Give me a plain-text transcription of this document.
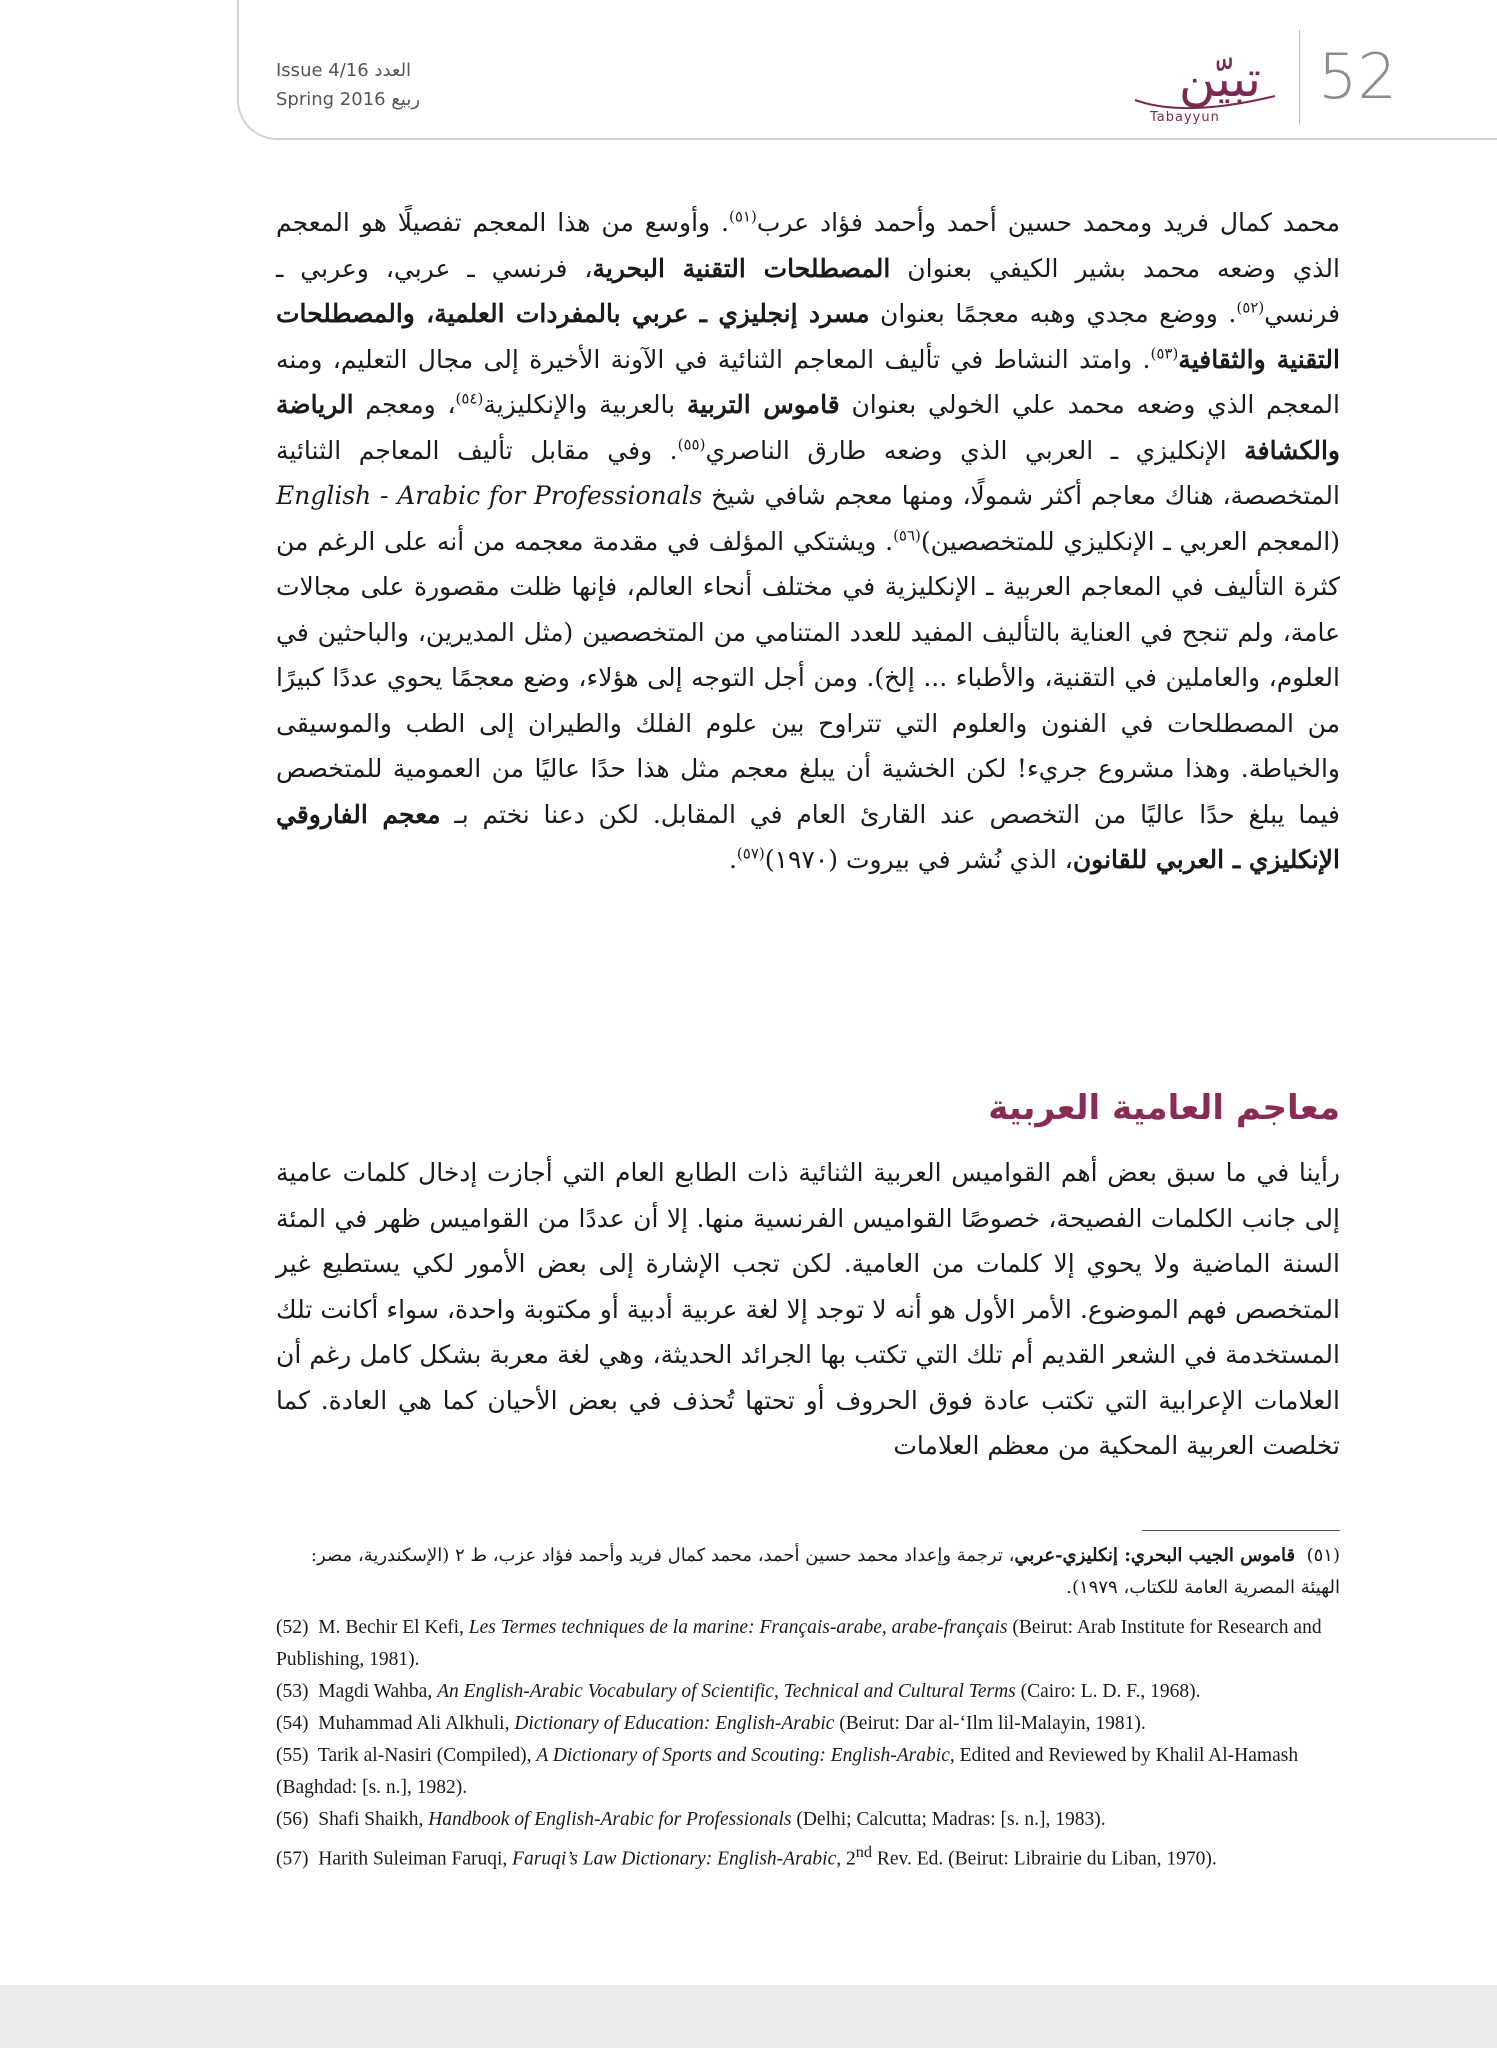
Issue 4/16 العدد
Spring 2016 ربيع	تبيّن
Tabayyun
52

محمد كمال فريد ومحمد حسين أحمد وأحمد فؤاد عرب$^{(٥١)}$. وأوسع من هذا المعجم تفصيلًا هو المعجم الذي وضعه محمد بشير الكيفي بعنوان المصطلحات التقنية البحرية، فرنسي ـ عربي، وعربي ـ فرنسي$^{(٥٢)}$. ووضع مجدي وهبه معجمًا بعنوان مسرد إنجليزي ـ عربي بالمفردات العلمية، والمصطلحات التقنية والثقافية$^{(٥٣)}$. وامتد النشاط في تأليف المعاجم الثنائية في الآونة الأخيرة إلى مجال التعليم، ومنه المعجم الذي وضعه محمد علي الخولي بعنوان قاموس التربية بالعربية والإنكليزية$^{(٥٤)}$، ومعجم الرياضة والكشافة الإنكليزي ـ العربي الذي وضعه طارق الناصري$^{(٥٥)}$. وفي مقابل تأليف المعاجم الثنائية المتخصصة، هناك معاجم أكثر شمولًا، ومنها معجم شافي شيخ English - Arabic for Professionals (المعجم العربي ـ الإنكليزي للمتخصصين)$^{(٥٦)}$. ويشتكي المؤلف في مقدمة معجمه من أنه على الرغم من كثرة التأليف في المعاجم العربية ـ الإنكليزية في مختلف أنحاء العالم، فإنها ظلت مقصورة على مجالات عامة، ولم تنجح في العناية بالتأليف المفيد للعدد المتنامي من المتخصصين (مثل المديرين، والباحثين في العلوم، والعاملين في التقنية، والأطباء ... إلخ). ومن أجل التوجه إلى هؤلاء، وضع معجمًا يحوي عددًا كبيرًا من المصطلحات في الفنون والعلوم التي تتراوح بين علوم الفلك والطيران إلى الطب والموسيقى والخياطة. وهذا مشروع جريء! لكن الخشية أن يبلغ معجم مثل هذا حدًا عاليًا من العمومية للمتخصص فيما يبلغ حدًا عاليًا من التخصص عند القارئ العام في المقابل. لكن دعنا نختم بـ معجم الفاروقي الإنكليزي ـ العربي للقانون، الذي نُشر في بيروت (١٩٧٠)$^{(٥٧)}$.

معاجم العامية العربية

رأينا في ما سبق بعض أهم القواميس العربية الثنائية ذات الطابع العام التي أجازت إدخال كلمات عامية إلى جانب الكلمات الفصيحة، خصوصًا القواميس الفرنسية منها. إلا أن عددًا من القواميس ظهر في المئة السنة الماضية ولا يحوي إلا كلمات من العامية. لكن تجب الإشارة إلى بعض الأمور لكي يستطيع غير المتخصص فهم الموضوع. الأمر الأول هو أنه لا توجد إلا لغة عربية أدبية أو مكتوبة واحدة، سواء أكانت تلك المستخدمة في الشعر القديم أم تلك التي تكتب بها الجرائد الحديثة، وهي لغة معربة بشكل كامل رغم أن العلامات الإعرابية التي تكتب عادة فوق الحروف أو تحتها تُحذف في بعض الأحيان كما هي العادة. كما تخلصت العربية المحكية من معظم العلامات

(٥١)  قاموس الجيب البحري: إنكليزي-عربي، ترجمة وإعداد محمد حسين أحمد، محمد كمال فريد وأحمد فؤاد عزب، ط ٢ (الإسكندرية، مصر: الهيئة المصرية العامة للكتاب، ١٩٧٩).
(52) M. Bechir El Kefi, Les Termes techniques de la marine: Français-arabe, arabe-français (Beirut: Arab Institute for Research and Publishing, 1981).
(53) Magdi Wahba, An English-Arabic Vocabulary of Scientific, Technical and Cultural Terms (Cairo: L. D. F., 1968).
(54) Muhammad Ali Alkhuli, Dictionary of Education: English-Arabic (Beirut: Dar al-‘Ilm lil-Malayin, 1981).
(55) Tarik al-Nasiri (Compiled), A Dictionary of Sports and Scouting: English-Arabic, Edited and Reviewed by Khalil Al-Hamash (Baghdad: [s. n.], 1982).
(56) Shafi Shaikh, Handbook of English-Arabic for Professionals (Delhi; Calcutta; Madras: [s. n.], 1983).
(57) Harith Suleiman Faruqi, Faruqi’s Law Dictionary: English-Arabic, 2nd Rev. Ed. (Beirut: Librairie du Liban, 1970).
